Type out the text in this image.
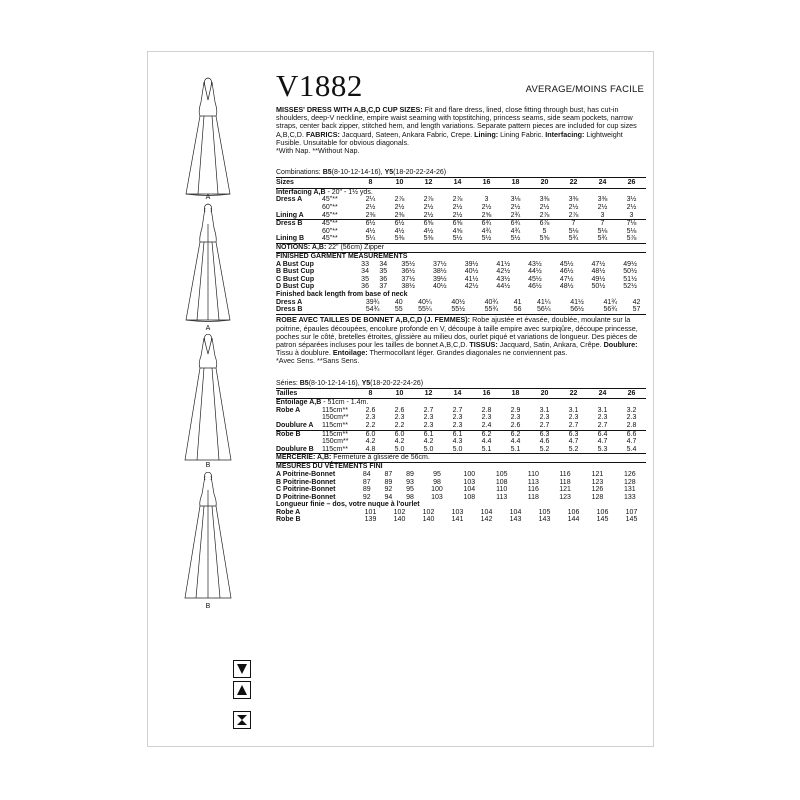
A
A
B
B
V1882	AVERAGE/MOINS FACILE
MISSES' DRESS WITH A,B,C,D CUP SIZES: Fit and flare dress, lined, close fitting through bust, has cut-in shoulders, deep-V neckline, empire waist seaming with topstitching, princess seams, side seam pockets, narrow straps, center back zipper, stitched hem, and length variations. Separate pattern pieces are included for cup sizes A,B,C,D. FABRICS: Jacquard, Sateen, Ankara Fabric, Crepe. Lining: Lining Fabric. Interfacing: Lightweight Fusible. Unsuitable for obvious diagonals.
*With Nap. **Without Nap.
Combinations: B5(8-10-12-14-16), Y5(18-20-22-24-26)
Sizes		8	10	12	14	16	18	20	22	24	26
Interfacing A,B - 20" - 1½ yds.											
Dress A	45"**	2¼	2⅞	2⅞	2⅞	3	3⅛	3⅜	3⅜	3⅜	3½
	60"**	2½	2½	2½	2½	2½	2½	2½	2½	2½	2½
Lining A	45"**	2⅜	2⅜	2½	2½	2⅝	2¾	2⅞	2⅞	3	3
Dress B	45"**	6½	6½	6⅝	6⅝	6¾	6¾	6⅞	7	7	7⅛
	60"**	4½	4½	4½	4⅝	4¾	4¾	5	5⅛	5⅛	5⅛
Lining B	45"**	5¼	5⅜	5⅜	5½	5½	5½	5⅝	5¾	5¾	5⅞
NOTIONS: A,B: 22" (56cm) Zipper
FINISHED GARMENT MEASUREMENTS
A Bust Cup	33	34	35½	37½	39½	41½	43½	45½	47½	49½
B Bust Cup	34	35	36½	38½	40½	42½	44½	46½	48½	50½
C Bust Cup	35	36	37½	39½	41½	43½	45½	47½	49½	51½
D Bust Cup	36	37	38½	40½	42½	44½	46½	48½	50½	52½
Finished back length from base of neck
Dress A	39¾	40	40¼	40½	40¾	41	41¼	41½	41¾	42
Dress B	54¾	55	55¼	55½	55¾	56	56¼	56½	56¾	57
ROBE AVEC TAILLES DE BONNET A,B,C,D (J. FEMMES): Robe ajustée et évasée, doublée, moulante sur la poitrine, épaules découpées, encolure profonde en V, découpe à taille empire avec surpiqûre, découpe princesse, poches sur le côté, bretelles étroites, glissière au milieu dos, ourlet piqué et variations de longueur. Des pièces de patron séparées incluses pour les tailles de bonnet A,B,C,D. TISSUS: Jacquard, Satin, Ankara, Crêpe. Doublure: Tissu à doublure. Entoilage: Thermocollant léger. Grandes diagonales ne conviennent pas.
*Avec Sens. **Sans Sens.
Séries: B5(8-10-12-14-16), Y5(18-20-22-24-26)
Tailles		8	10	12	14	16	18	20	22	24	26
Entoilage A,B - 51cm - 1.4m.											
Robe A	115cm**	2.6	2.6	2.7	2.7	2.8	2.9	3.1	3.1	3.1	3.2
	150cm**	2.3	2.3	2.3	2.3	2.3	2.3	2.3	2.3	2.3	2.3
Doublure A	115cm**	2.2	2.2	2.3	2.3	2.4	2.6	2.7	2.7	2.7	2.8
Robe B	115cm**	6.0	6.0	6.1	6.1	6.2	6.2	6.3	6.3	6.4	6.6
	150cm**	4.2	4.2	4.2	4.3	4.4	4.4	4.6	4.7	4.7	4.7
Doublure B	115cm**	4.8	5.0	5.0	5.0	5.1	5.1	5.2	5.2	5.3	5.4
MERCERIE: A,B: Fermeture à glissière de 56cm.
MESURES DU VÊTEMENTS FINI
A Poitrine-Bonnet	84	87	89	95	100	105	110	116	121	126
B Poitrine-Bonnet	87	89	93	98	103	108	113	118	123	128
C Poitrine-Bonnet	89	92	95	100	104	110	116	121	126	131
D Poitrine-Bonnet	92	94	98	103	108	113	118	123	128	133
Longueur finie – dos, votre nuque à l'ourlet
Robe A	101	102	102	103	104	104	105	106	106	107
Robe B	139	140	140	141	142	143	143	144	145	145
